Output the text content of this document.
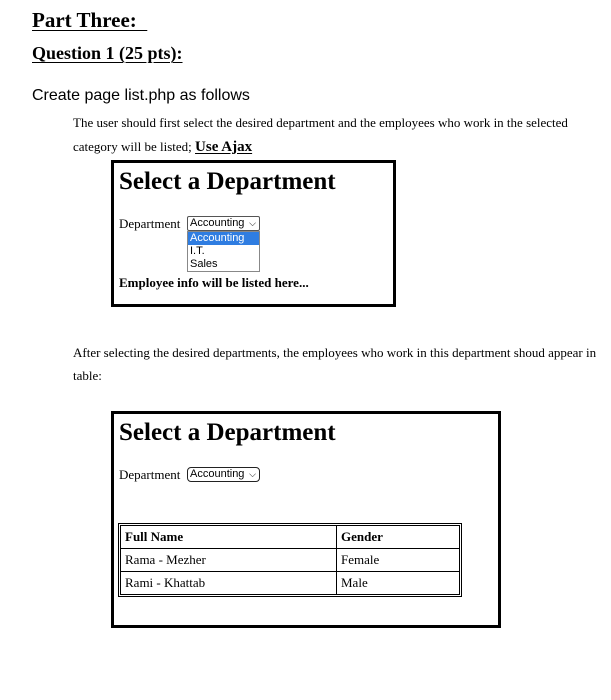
Part Three:
Question 1 (25 pts):
Create page list.php as follows
The user should first select the desired department and the employees who work in the selected
category will be listed; Use Ajax
Select a Department
Department Accounting ⌵
Accounting
I.T.
Sales
Employee info will be listed here...
After selecting the desired departments, the employees who work in this department shoud appear in
table:
Select a Department
Department Accounting ⌵
Full Name	Gender
Rama - Mezher	Female
Rami - Khattab	Male
